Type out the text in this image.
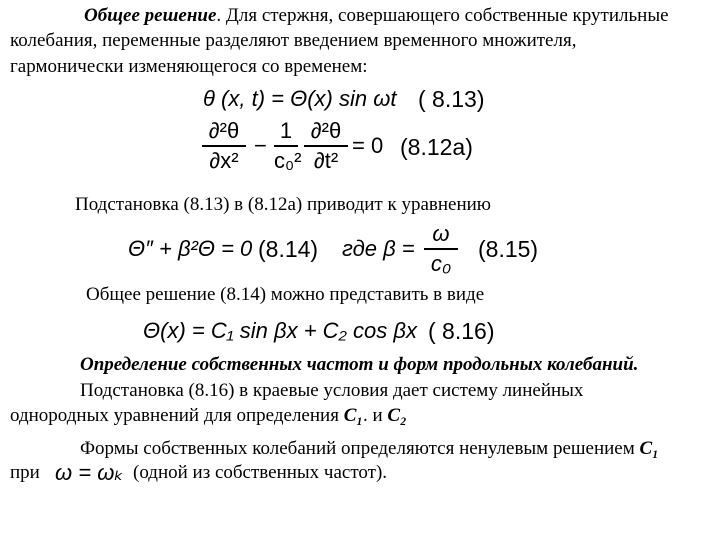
Общее решение. Для стержня, совершающего собственные крутильные
колебания, переменные разделяют введением временного множителя,
гармонически изменяющегося со временем:
θ (x, t) = Θ(x) sin ωt ( 8.13)
∂²θ
∂x²
−
1
c₀²
∂²θ
∂t²
= 0 (8.12a)
Подстановка (8.13) в (8.12а) приводит к уравнению
Θ″ + β²Θ = 0 (8.14) где β =
ω
c₀
(8.15)
Общее решение (8.14) можно представить в виде
Θ(x) = C₁ sin βx + C₂ cos βx ( 8.16)
Определение собственных частот и форм продольных колебаний.
Подстановка (8.16) в краевые условия дает систему линейных
однородных уравнений для определения C₁. и C₂
Формы собственных колебаний определяются ненулевым решением C₁
при ω = ωₖ (одной из собственных частот).
